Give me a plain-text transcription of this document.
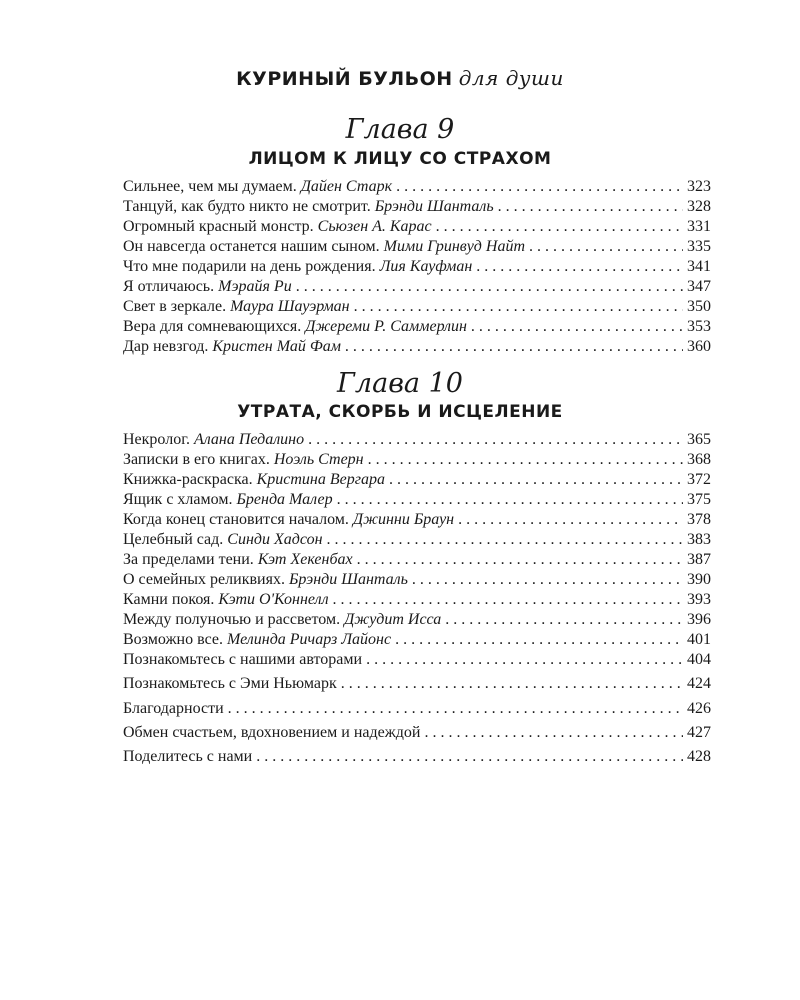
КУРИНЫЙ БУЛЬОН для души
Глава 9
ЛИЦОМ К ЛИЦУ СО СТРАХОМ
Сильнее, чем мы думаем. Дайен Старк . . .	323
Танцуй, как будто никто не смотрит. Брэнди Шанталь . . .	328
Огромный красный монстр. Сьюзен А. Карас . . .	331
Он навсегда останется нашим сыном. Мими Гринвуд Найт . . .	335
Что мне подарили на день рождения. Лия Кауфман . . .	341
Я отличаюсь. Мэрайя Ри . . .	347
Свет в зеркале. Маура Шауэрман . . .	350
Вера для сомневающихся. Джереми Р. Саммерлин . . .	353
Дар невзгод. Кристен Май Фам . . .	360
Глава 10
УТРАТА, СКОРБЬ И ИСЦЕЛЕНИЕ
Некролог. Алана Педалино . . .	365
Записки в его книгах. Ноэль Стерн . . .	368
Книжка-раскраска. Кристина Вергара . . .	372
Ящик с хламом. Бренда Малер . . .	375
Когда конец становится началом. Джинни Браун . . .	378
Целебный сад. Синди Хадсон . . .	383
За пределами тени. Кэт Хекенбах . . .	387
О семейных реликвиях. Брэнди Шанталь . . .	390
Камни покоя. Кэти О'Коннелл . . .	393
Между полуночью и рассветом. Джудит Исса . . .	396
Возможно все. Мелинда Ричарз Лайонс . . .	401
Познакомьтесь с нашими авторами . . .	404
Познакомьтесь с Эми Ньюмарк . . .	424
Благодарности . . .	426
Обмен счастьем, вдохновением и надеждой . . .	427
Поделитесь с нами . . .	428
